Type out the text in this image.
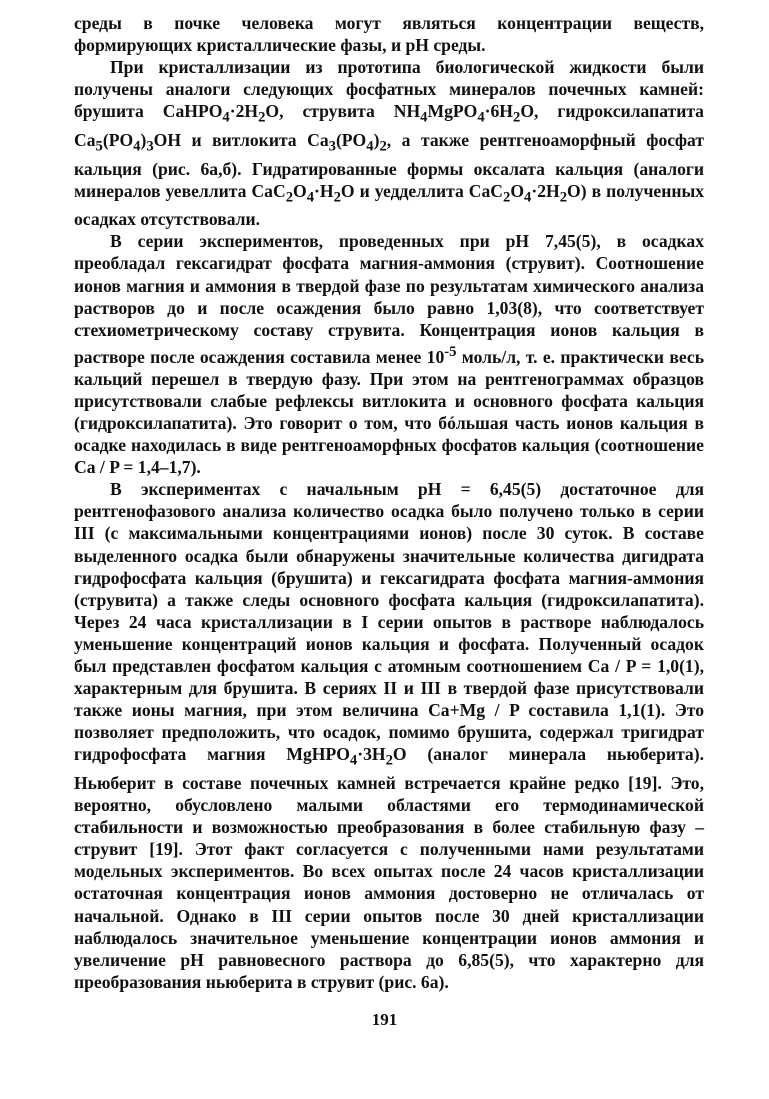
среды в почке человека могут являться концентрации веществ, формирующих кристаллические фазы, и pH среды.

При кристаллизации из прототипа биологической жидкости были получены аналоги следующих фосфатных минералов почечных камней: брушита $CaHPO_4\cdot 2H_2O$, струвита $NH_4MgPO_4\cdot 6H_2O$, гидроксилапатита $Ca_5(PO_4)_3OH$ и витлокита $Ca_3(PO_4)_2$, а также рентгеноаморфный фосфат кальция (рис. 6а,б). Гидратированные формы оксалата кальция (аналоги минералов уевеллита $CaC_2O_4\cdot H_2O$ и уедделлита $CaC_2O_4\cdot 2H_2O$) в полученных осадках отсутствовали.

В серии экспериментов, проведенных при pH 7,45(5), в осадках преобладал гексагидрат фосфата магния-аммония (струвит). Соотношение ионов магния и аммония в твердой фазе по результатам химического анализа растворов до и после осаждения было равно 1,03(8), что соответствует стехиометрическому составу струвита. Концентрация ионов кальция в растворе после осаждения составила менее $10^{-5}$ моль/л, т. е. практически весь кальций перешел в твердую фазу. При этом на рентгенограммах образцов присутствовали слабые рефлексы витлокита и основного фосфата кальция (гидроксилапатита). Это говорит о том, что бóльшая часть ионов кальция в осадке находилась в виде рентгеноаморфных фосфатов кальция (соотношение Ca / P = 1,4–1,7).

В экспериментах с начальным pH = 6,45(5) достаточное для рентгенофазового анализа количество осадка было получено только в серии III (с максимальными концентрациями ионов) после 30 суток. В составе выделенного осадка были обнаружены значительные количества дигидрата гидрофосфата кальция (брушита) и гексагидрата фосфата магния-аммония (струвита) а также следы основного фосфата кальция (гидроксилапатита). Через 24 часа кристаллизации в I серии опытов в растворе наблюдалось уменьшение концентраций ионов кальция и фосфата. Полученный осадок был представлен фосфатом кальция с атомным соотношением Ca / P = 1,0(1), характерным для брушита. В сериях II и III в твердой фазе присутствовали также ионы магния, при этом величина Ca+Mg / P составила 1,1(1). Это позволяет предположить, что осадок, помимо брушита, содержал тригидрат гидрофосфата магния $MgHPO_4\cdot 3H_2O$ (аналог минерала ньюберита). Ньюберит в составе почечных камней встречается крайне редко [19]. Это, вероятно, обусловлено малыми областями его термодинамической стабильности и возможностью преобразования в более стабильную фазу – струвит [19]. Этот факт согласуется с полученными нами результатами модельных экспериментов. Во всех опытах после 24 часов кристаллизации остаточная концентрация ионов аммония достоверно не отличалась от начальной. Однако в III серии опытов после 30 дней кристаллизации наблюдалось значительное уменьшение концентрации ионов аммония и увеличение pH равновесного раствора до 6,85(5), что характерно для преобразования ньюберита в струвит (рис. 6а).

191
